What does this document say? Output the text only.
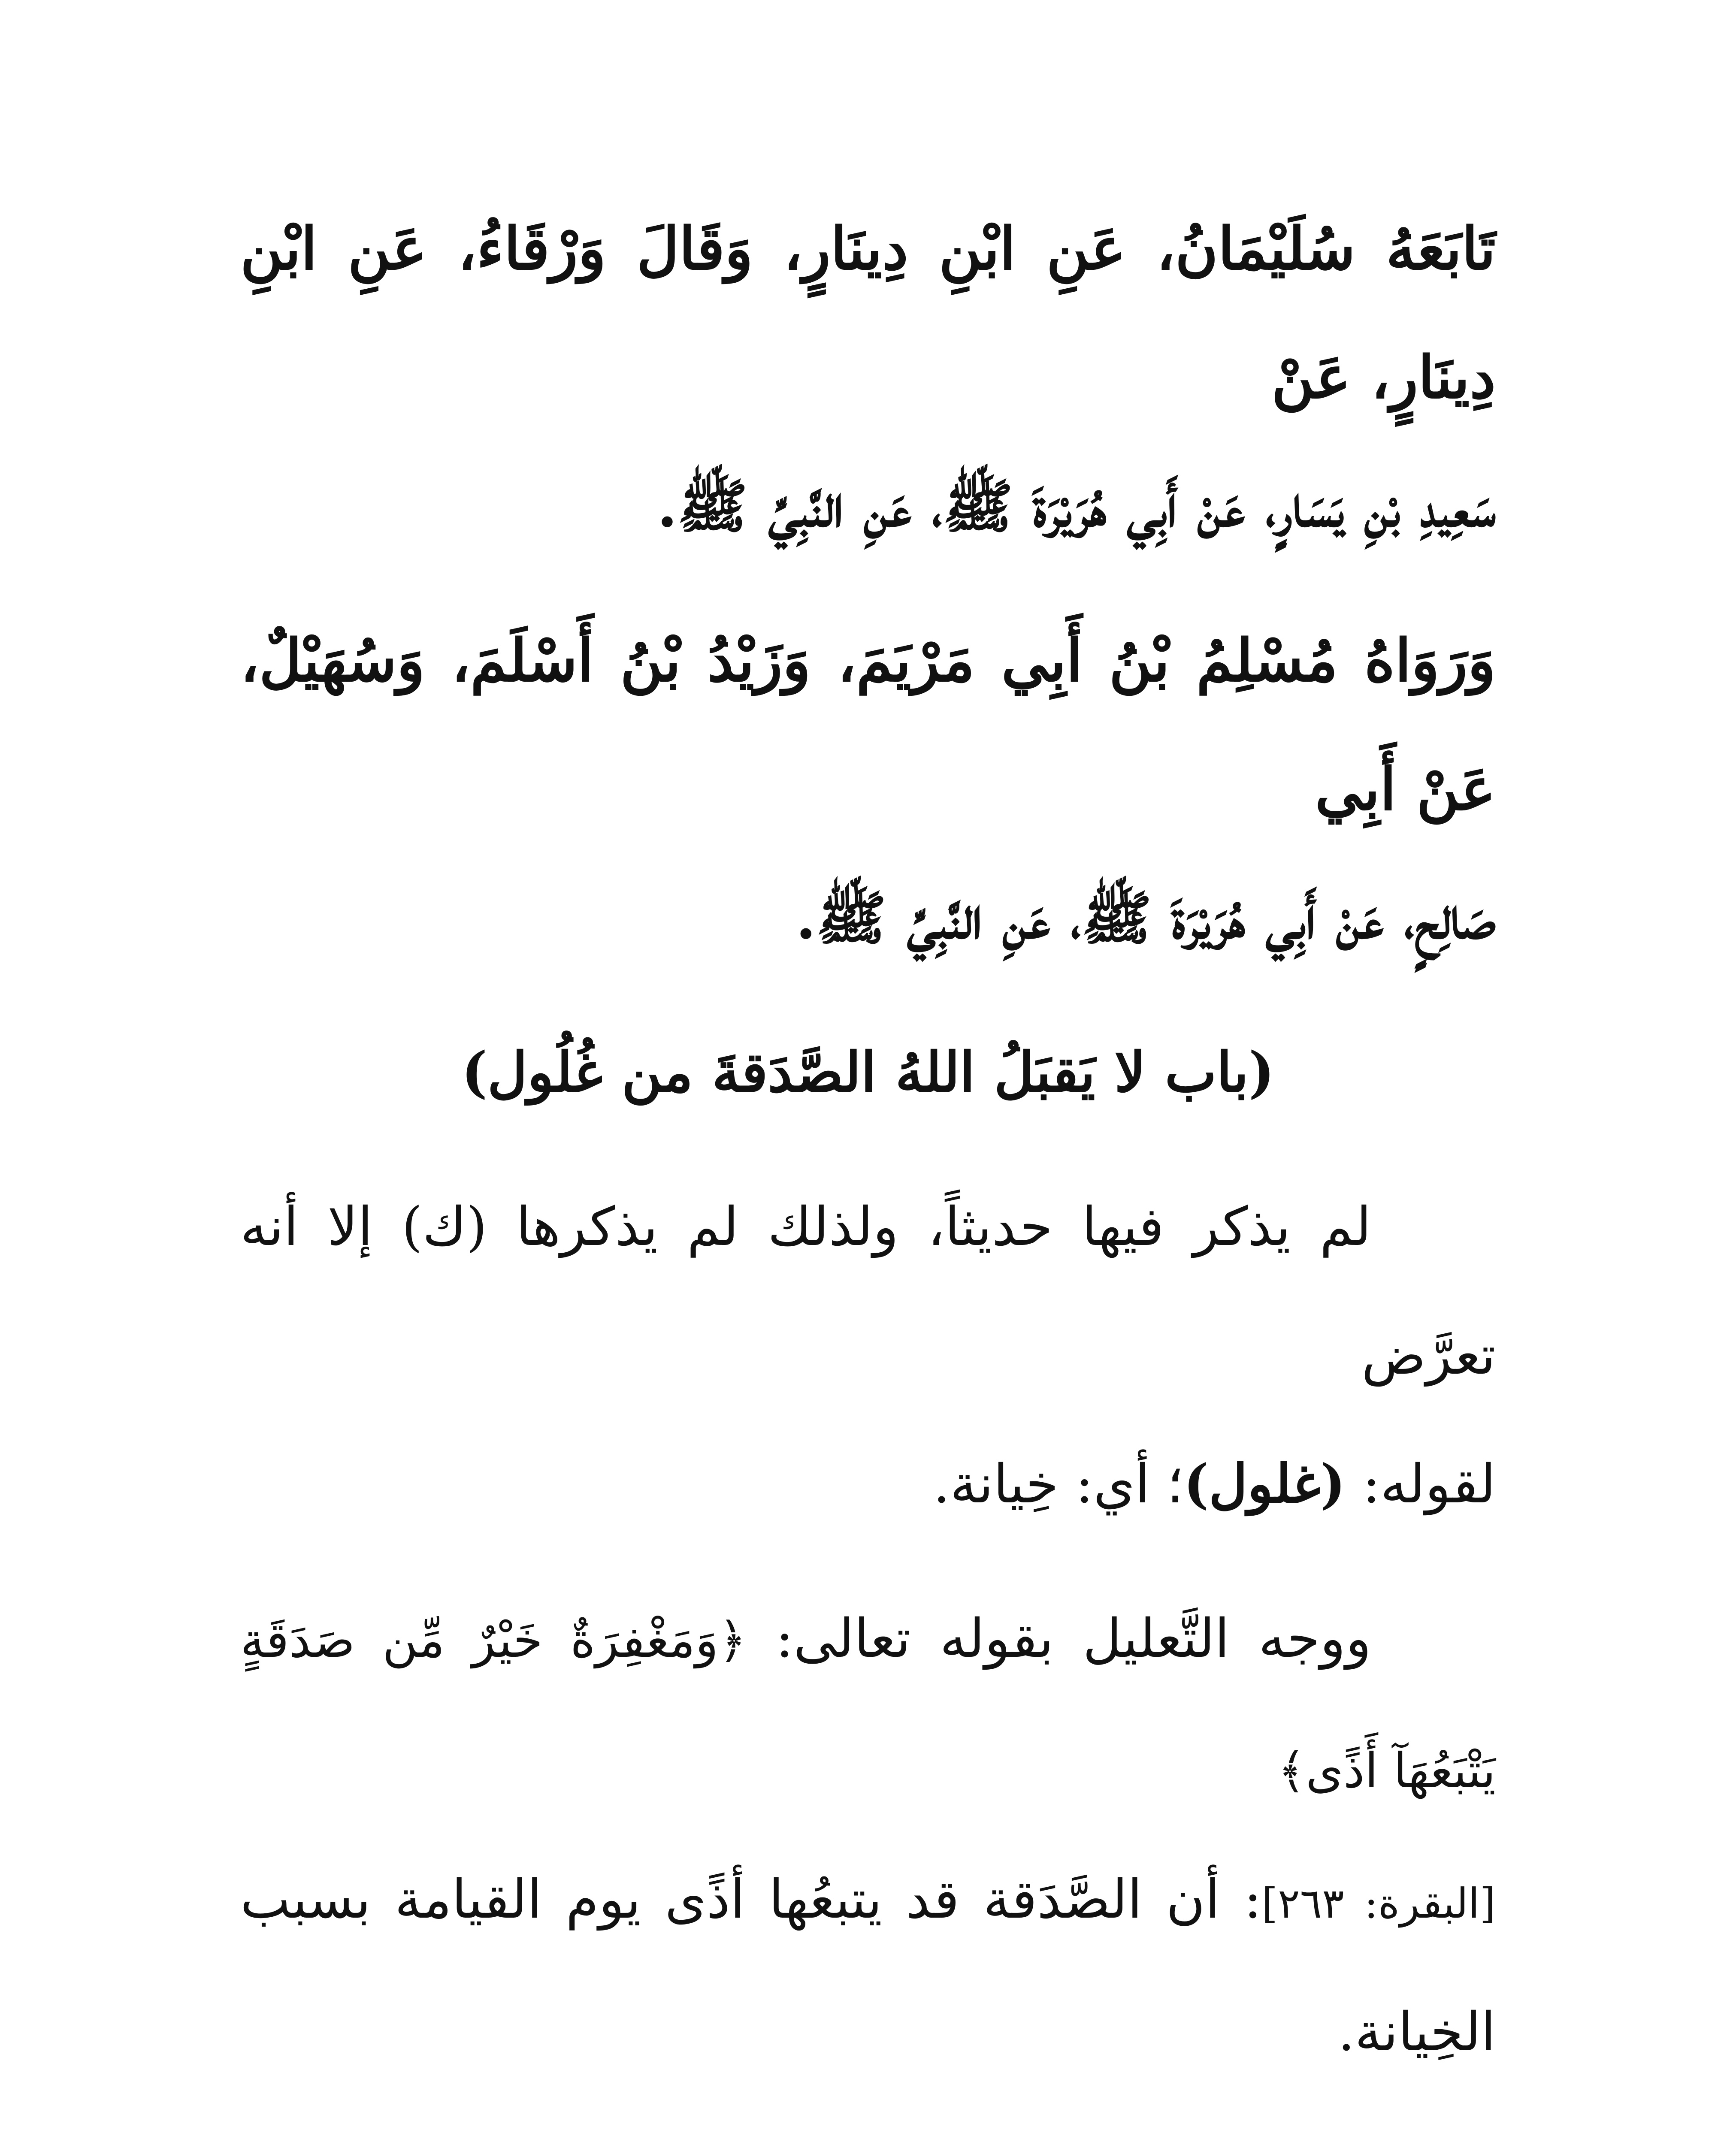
تَابَعَهُ سُلَيْمَانُ، عَنِ ابْنِ دِينَارٍ، وَقَالَ وَرْقَاءُ، عَنِ ابْنِ دِينَارٍ، عَنْ
سَعِيدِ بْنِ يَسَارٍ، عَنْ أَبِي هُرَيْرَةَ ﷺ، عَنِ النَّبِيِّ ﷺ.

وَرَوَاهُ مُسْلِمُ بْنُ أَبِي مَرْيَمَ، وَزَيْدُ بْنُ أَسْلَمَ، وَسُهَيْلٌ، عَنْ أَبِي
صَالِحٍ، عَنْ أَبِي هُرَيْرَةَ ﷺ، عَنِ النَّبِيِّ ﷺ.

(باب لا يَقبَلُ اللهُ الصَّدَقةَ من غُلُول)

لم يذكر فيها حديثاً، ولذلك لم يذكرها (ك) إلا أنه تعرَّض
لقوله: (غلول)؛ أي: خِيانة.

ووجه التَّعليل بقوله تعالى: ﴿وَمَغْفِرَةٌ خَيْرٌ مِّن صَدَقَةٍ يَتْبَعُهَآ أَذًى﴾
[البقرة: ٢٦٣]: أن الصَّدَقة قد يتبعُها أذًى يوم القيامة بسبب الخِيانة.
